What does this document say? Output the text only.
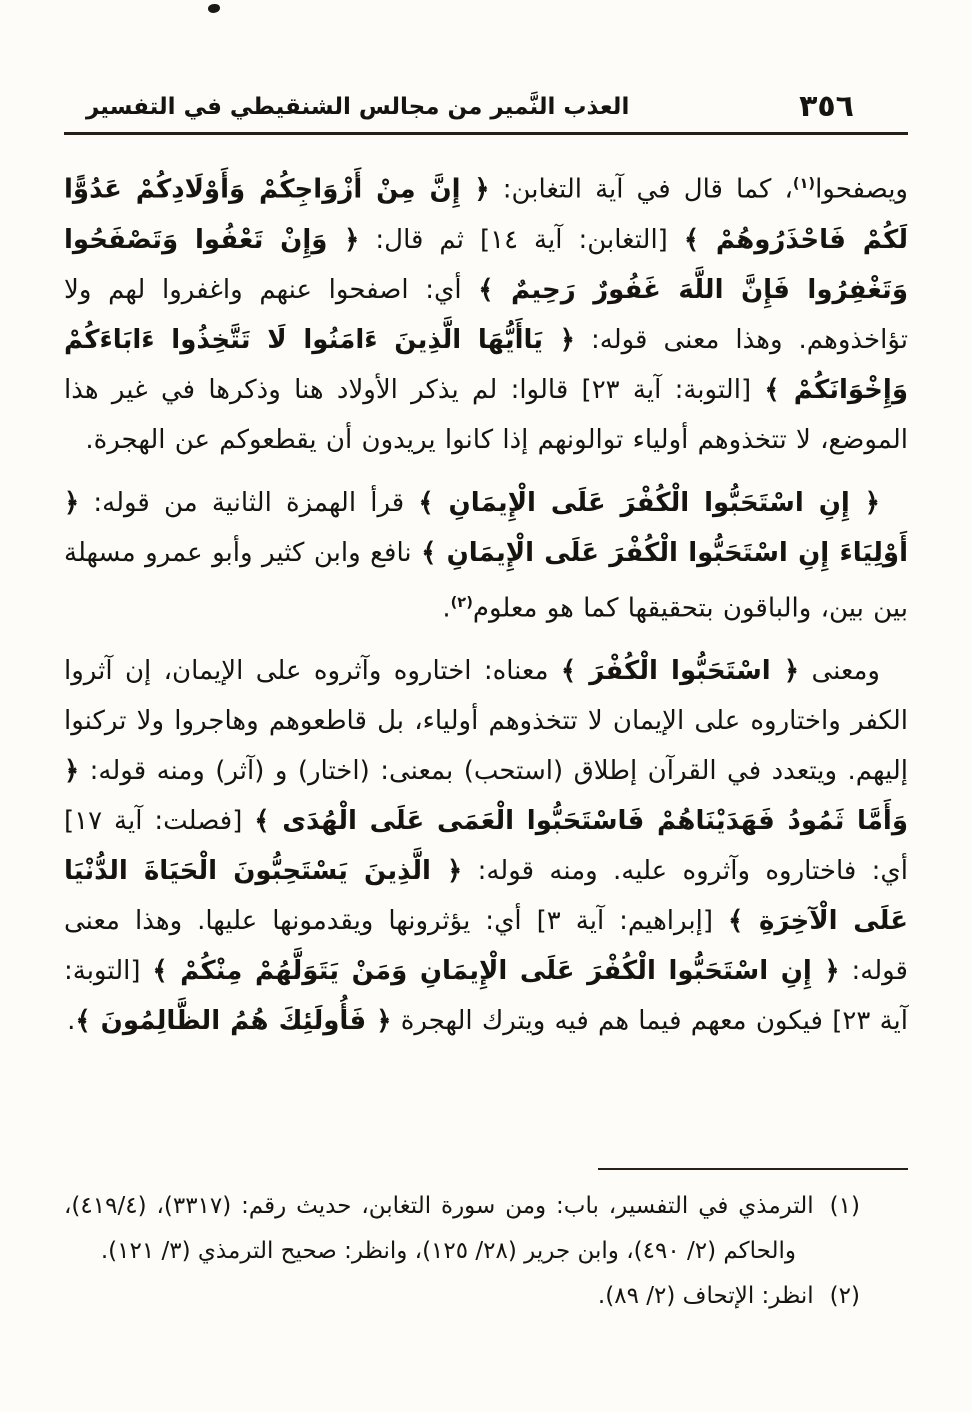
٣٥٦
العذب النَّمير من مجالس الشنقيطي في التفسير

ويصفحوا$^{(١)}$، كما قال في آية التغابن: ﴿ إِنَّ مِنْ أَزْوَاجِكُمْ وَأَوْلَادِكُمْ عَدُوًّا لَكُمْ فَاحْذَرُوهُمْ ﴾ [التغابن: آية ١٤] ثم قال: ﴿ وَإِنْ تَعْفُوا وَتَصْفَحُوا وَتَغْفِرُوا فَإِنَّ اللَّهَ غَفُورٌ رَحِيمٌ ﴾ أي: اصفحوا عنهم واغفروا لهم ولا تؤاخذوهم. وهذا معنى قوله: ﴿ يَاأَيُّهَا الَّذِينَ ءَامَنُوا لَا تَتَّخِذُوا ءَابَاءَكُمْ وَإِخْوَانَكُمْ ﴾ [التوبة: آية ٢٣] قالوا: لم يذكر الأولاد هنا وذكرها في غير هذا الموضع، لا تتخذوهم أولياء توالونهم إذا كانوا يريدون أن يقطعوكم عن الهجرة.

﴿ إِنِ اسْتَحَبُّوا الْكُفْرَ عَلَى الْإِيمَانِ ﴾ قرأ الهمزة الثانية من قوله: ﴿ أَوْلِيَاءَ إِنِ اسْتَحَبُّوا الْكُفْرَ عَلَى الْإِيمَانِ ﴾ نافع وابن كثير وأبو عمرو مسهلة بين بين، والباقون بتحقيقها كما هو معلوم$^{(٢)}$.

ومعنى ﴿ اسْتَحَبُّوا الْكُفْرَ ﴾ معناه: اختاروه وآثروه على الإيمان، إن آثروا الكفر واختاروه على الإيمان لا تتخذوهم أولياء، بل قاطعوهم وهاجروا ولا تركنوا إليهم. ويتعدد في القرآن إطلاق (استحب) بمعنى: (اختار) و (آثر) ومنه قوله: ﴿ وَأَمَّا ثَمُودُ فَهَدَيْنَاهُمْ فَاسْتَحَبُّوا الْعَمَى عَلَى الْهُدَى ﴾ [فصلت: آية ١٧] أي: فاختاروه وآثروه عليه. ومنه قوله: ﴿ الَّذِينَ يَسْتَحِبُّونَ الْحَيَاةَ الدُّنْيَا عَلَى الْآخِرَةِ ﴾ [إبراهيم: آية ٣] أي: يؤثرونها ويقدمونها عليها. وهذا معنى قوله: ﴿ إِنِ اسْتَحَبُّوا الْكُفْرَ عَلَى الْإِيمَانِ وَمَنْ يَتَوَلَّهُمْ مِنْكُمْ ﴾ [التوبة: آية ٢٣] فيكون معهم فيما هم فيه ويترك الهجرة ﴿ فَأُولَئِكَ هُمُ الظَّالِمُونَ ﴾.

(١)الترمذي في التفسير، باب: ومن سورة التغابن، حديث رقم: (٣٣١٧)، (٤١٩/٤)، والحاكم (٢/ ٤٩٠)، وابن جرير (٢٨/ ١٢٥)، وانظر: صحيح الترمذي (٣/ ١٢١).
(٢)انظر: الإتحاف (٢/ ٨٩).
